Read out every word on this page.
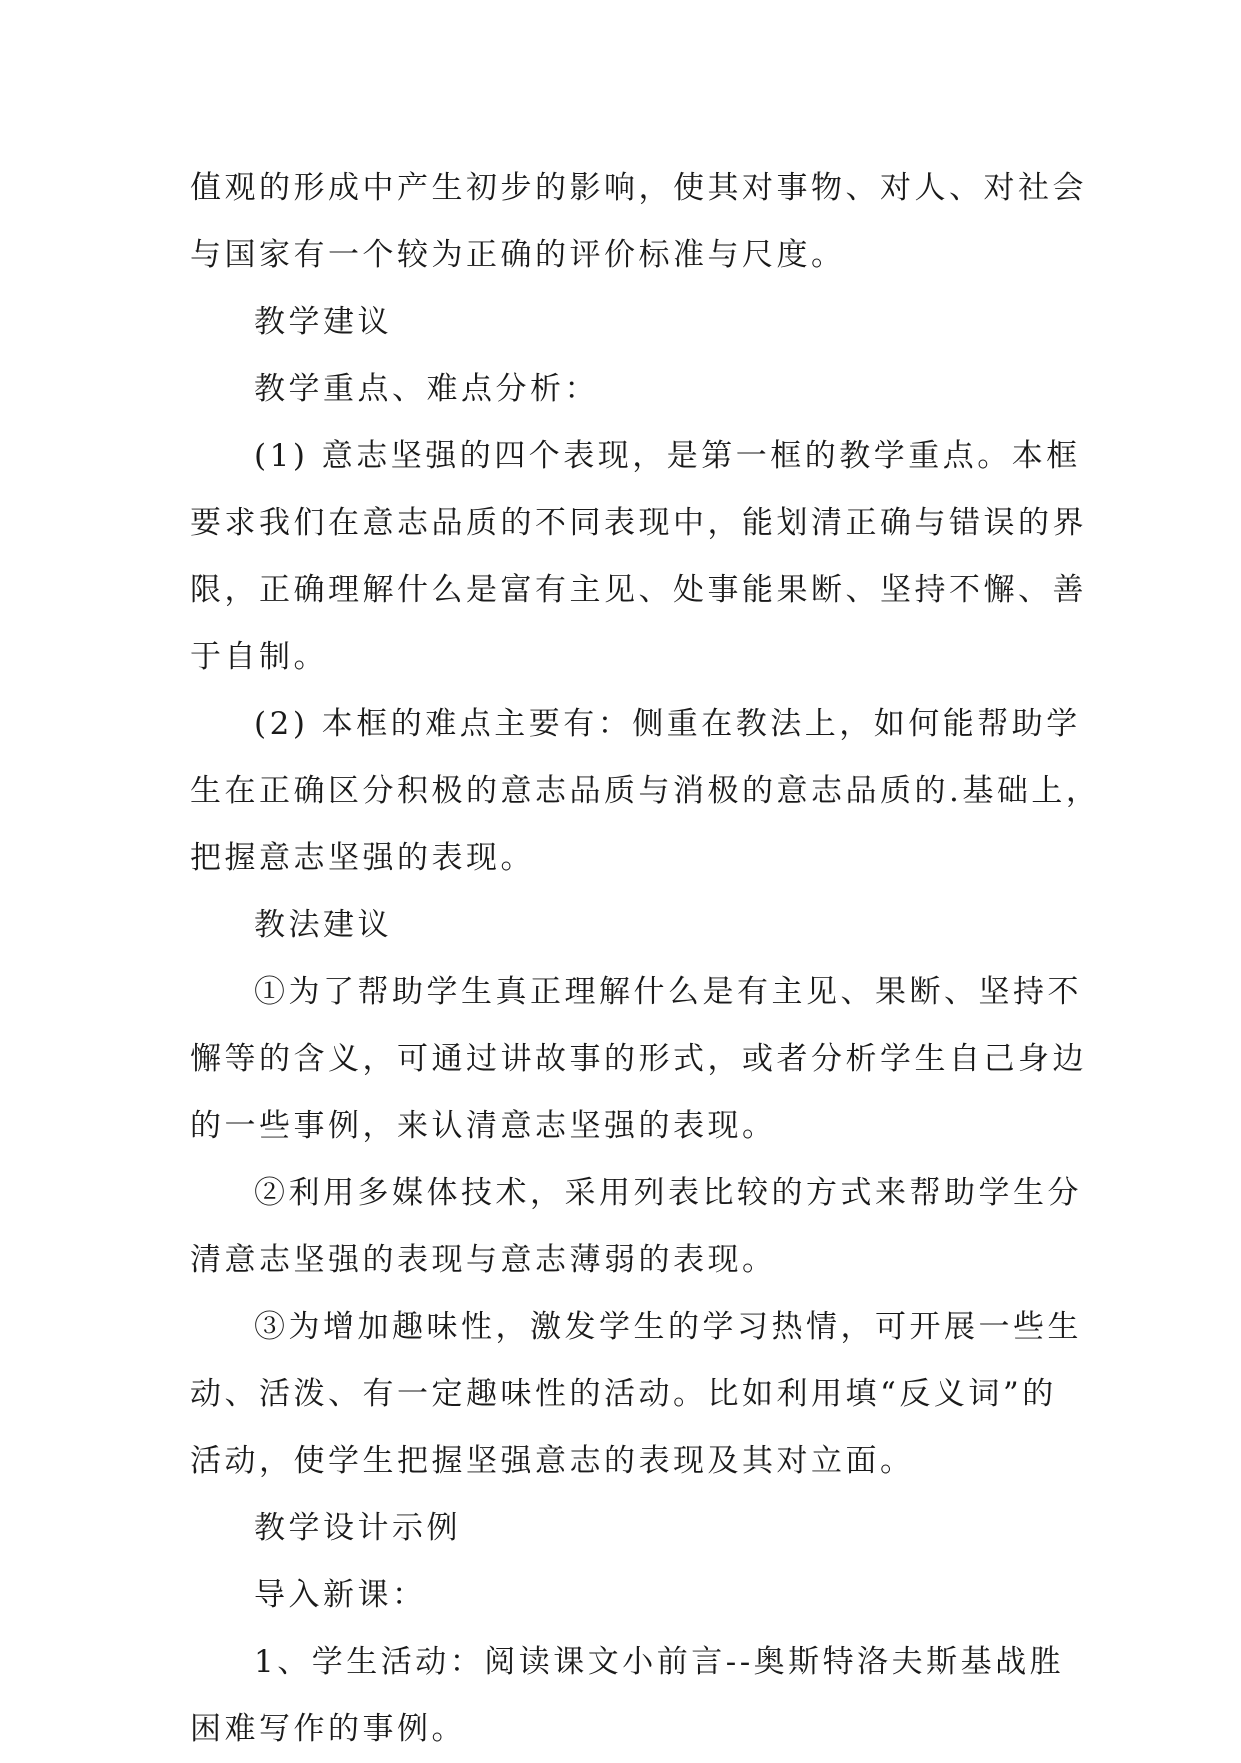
值观的形成中产生初步的影响，使其对事物、对人、对社会
与国家有一个较为正确的评价标准与尺度。
教学建议
教学重点、难点分析：
(1) 意志坚强的四个表现，是第一框的教学重点。本框
要求我们在意志品质的不同表现中，能划清正确与错误的界
限，正确理解什么是富有主见、处事能果断、坚持不懈、善
于自制。
(2) 本框的难点主要有：侧重在教法上，如何能帮助学
生在正确区分积极的意志品质与消极的意志品质的.基础上，
把握意志坚强的表现。
教法建议
①为了帮助学生真正理解什么是有主见、果断、坚持不
懈等的含义，可通过讲故事的形式，或者分析学生自己身边
的一些事例，来认清意志坚强的表现。
②利用多媒体技术，采用列表比较的方式来帮助学生分
清意志坚强的表现与意志薄弱的表现。
③为增加趣味性，激发学生的学习热情，可开展一些生
动、活泼、有一定趣味性的活动。比如利用填“反义词”的
活动，使学生把握坚强意志的表现及其对立面。
教学设计示例
导入新课：
1、学生活动：阅读课文小前言--奥斯特洛夫斯基战胜
困难写作的事例。
